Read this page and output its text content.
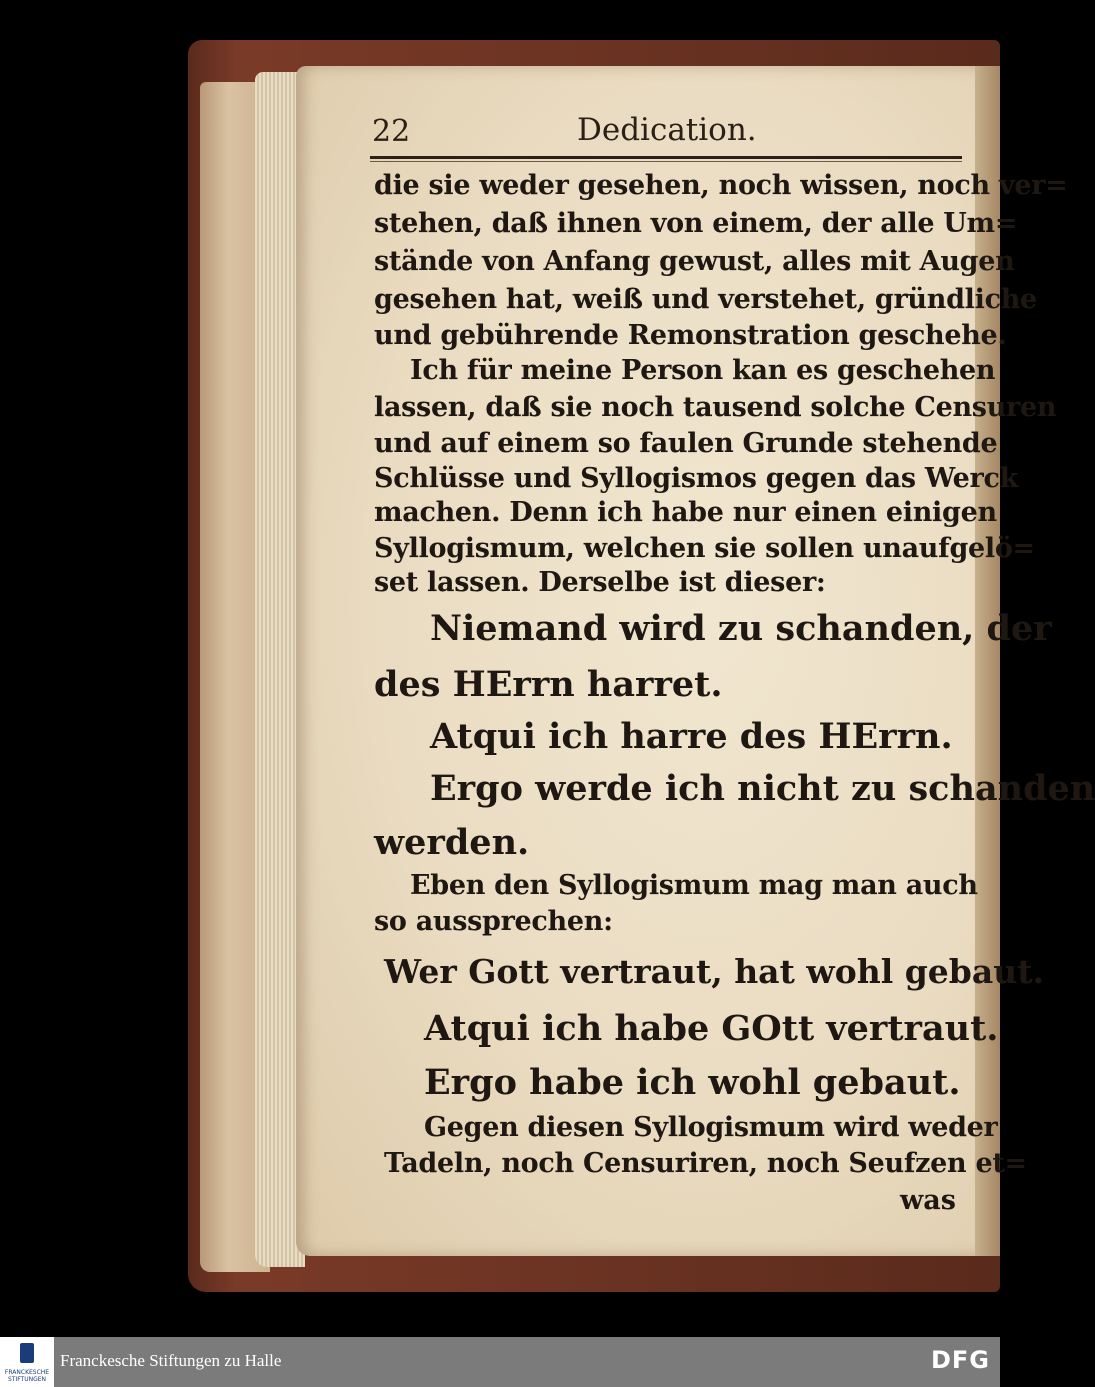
22	Dedication.
die sie weder gesehen, noch wissen, noch ver=
stehen, daß ihnen von einem, der alle Um=
stände von Anfang gewust, alles mit Augen
gesehen hat, weiß und verstehet, gründliche
und gebührende Remonstration geschehe.
Ich für meine Person kan es geschehen
lassen, daß sie noch tausend solche Censuren
und auf einem so faulen Grunde stehende
Schlüsse und Syllogismos gegen das Werck
machen. Denn ich habe nur einen einigen
Syllogismum, welchen sie sollen unaufgelö=
set lassen. Derselbe ist dieser:
Niemand wird zu schanden, der
des HErrn harret.
Atqui ich harre des HErrn.
Ergo werde ich nicht zu schanden
werden.
Eben den Syllogismum mag man auch
so aussprechen:
Wer Gott vertraut, hat wohl gebaut.
Atqui ich habe GOtt vertraut.
Ergo habe ich wohl gebaut.
Gegen diesen Syllogismum wird weder
Tadeln, noch Censuriren, noch Seufzen et=
was
FRANCKESCHE STIFTUNGEN
Franckesche Stiftungen zu Halle	DFG
